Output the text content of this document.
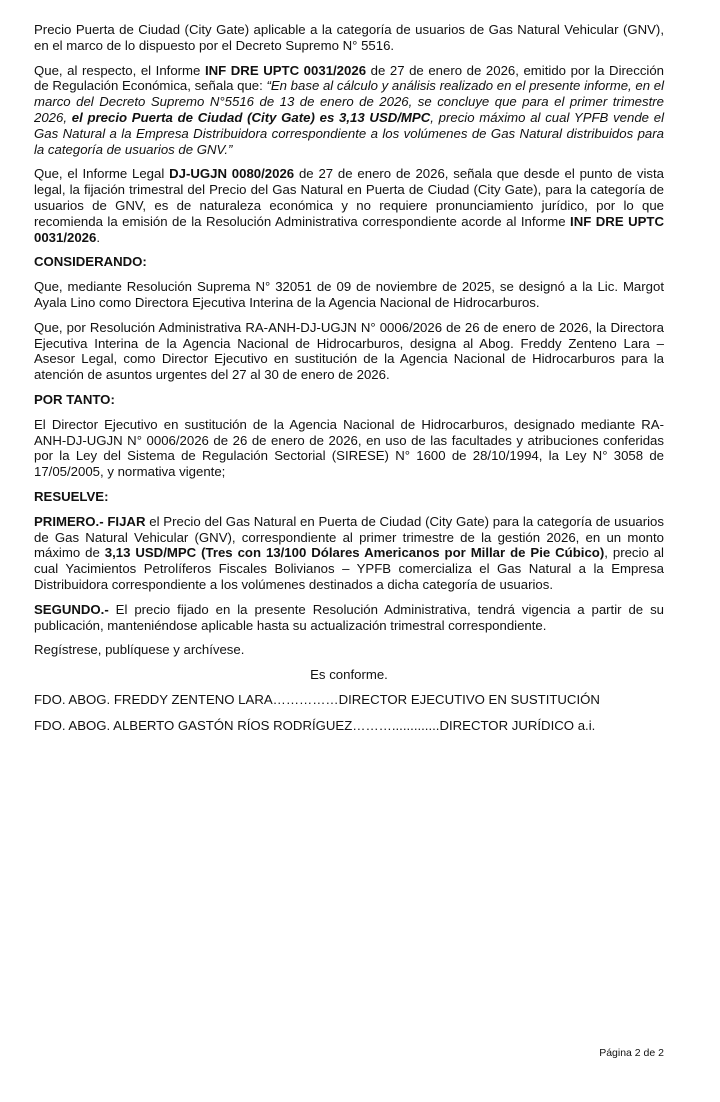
Precio Puerta de Ciudad (City Gate) aplicable a la categoría de usuarios de Gas Natural Vehicular (GNV), en el marco de lo dispuesto por el Decreto Supremo N° 5516.

Que, al respecto, el Informe INF DRE UPTC 0031/2026 de 27 de enero de 2026, emitido por la Dirección de Regulación Económica, señala que: “En base al cálculo y análisis realizado en el presente informe, en el marco del Decreto Supremo N°5516 de 13 de enero de 2026, se concluye que para el primer trimestre 2026, el precio Puerta de Ciudad (City Gate) es 3,13 USD/MPC, precio máximo al cual YPFB vende el Gas Natural a la Empresa Distribuidora correspondiente a los volúmenes de Gas Natural distribuidos para la categoría de usuarios de GNV.”

Que, el Informe Legal DJ-UGJN 0080/2026 de 27 de enero de 2026, señala que desde el punto de vista legal, la fijación trimestral del Precio del Gas Natural en Puerta de Ciudad (City Gate), para la categoría de usuarios de GNV, es de naturaleza económica y no requiere pronunciamiento jurídico, por lo que recomienda la emisión de la Resolución Administrativa correspondiente acorde al Informe INF DRE UPTC 0031/2026.

CONSIDERANDO:

Que, mediante Resolución Suprema N° 32051 de 09 de noviembre de 2025, se designó a la Lic. Margot Ayala Lino como Directora Ejecutiva Interina de la Agencia Nacional de Hidrocarburos.

Que, por Resolución Administrativa RA-ANH-DJ-UGJN N° 0006/2026 de 26 de enero de 2026, la Directora Ejecutiva Interina de la Agencia Nacional de Hidrocarburos, designa al Abog. Freddy Zenteno Lara – Asesor Legal, como Director Ejecutivo en sustitución de la Agencia Nacional de Hidrocarburos para la atención de asuntos urgentes del 27 al 30 de enero de 2026.

POR TANTO:

El Director Ejecutivo en sustitución de la Agencia Nacional de Hidrocarburos, designado mediante RA-ANH-DJ-UGJN N° 0006/2026 de 26 de enero de 2026, en uso de las facultades y atribuciones conferidas por la Ley del Sistema de Regulación Sectorial (SIRESE) N° 1600 de 28/10/1994, la Ley N° 3058 de 17/05/2005, y normativa vigente;

RESUELVE:

PRIMERO.- FIJAR el Precio del Gas Natural en Puerta de Ciudad (City Gate) para la categoría de usuarios de Gas Natural Vehicular (GNV), correspondiente al primer trimestre de la gestión 2026, en un monto máximo de 3,13 USD/MPC (Tres con 13/100 Dólares Americanos por Millar de Pie Cúbico), precio al cual Yacimientos Petrolíferos Fiscales Bolivianos – YPFB comercializa el Gas Natural a la Empresa Distribuidora correspondiente a los volúmenes destinados a dicha categoría de usuarios.

SEGUNDO.- El precio fijado en la presente Resolución Administrativa, tendrá vigencia a partir de su publicación, manteniéndose aplicable hasta su actualización trimestral correspondiente.

Regístrese, publíquese y archívese.

Es conforme.

FDO. ABOG. FREDDY ZENTENO LARA……………DIRECTOR EJECUTIVO EN SUSTITUCIÓN

FDO. ABOG. ALBERTO GASTÓN RÍOS RODRÍGUEZ……….............DIRECTOR JURÍDICO a.i.

Página 2 de 2
